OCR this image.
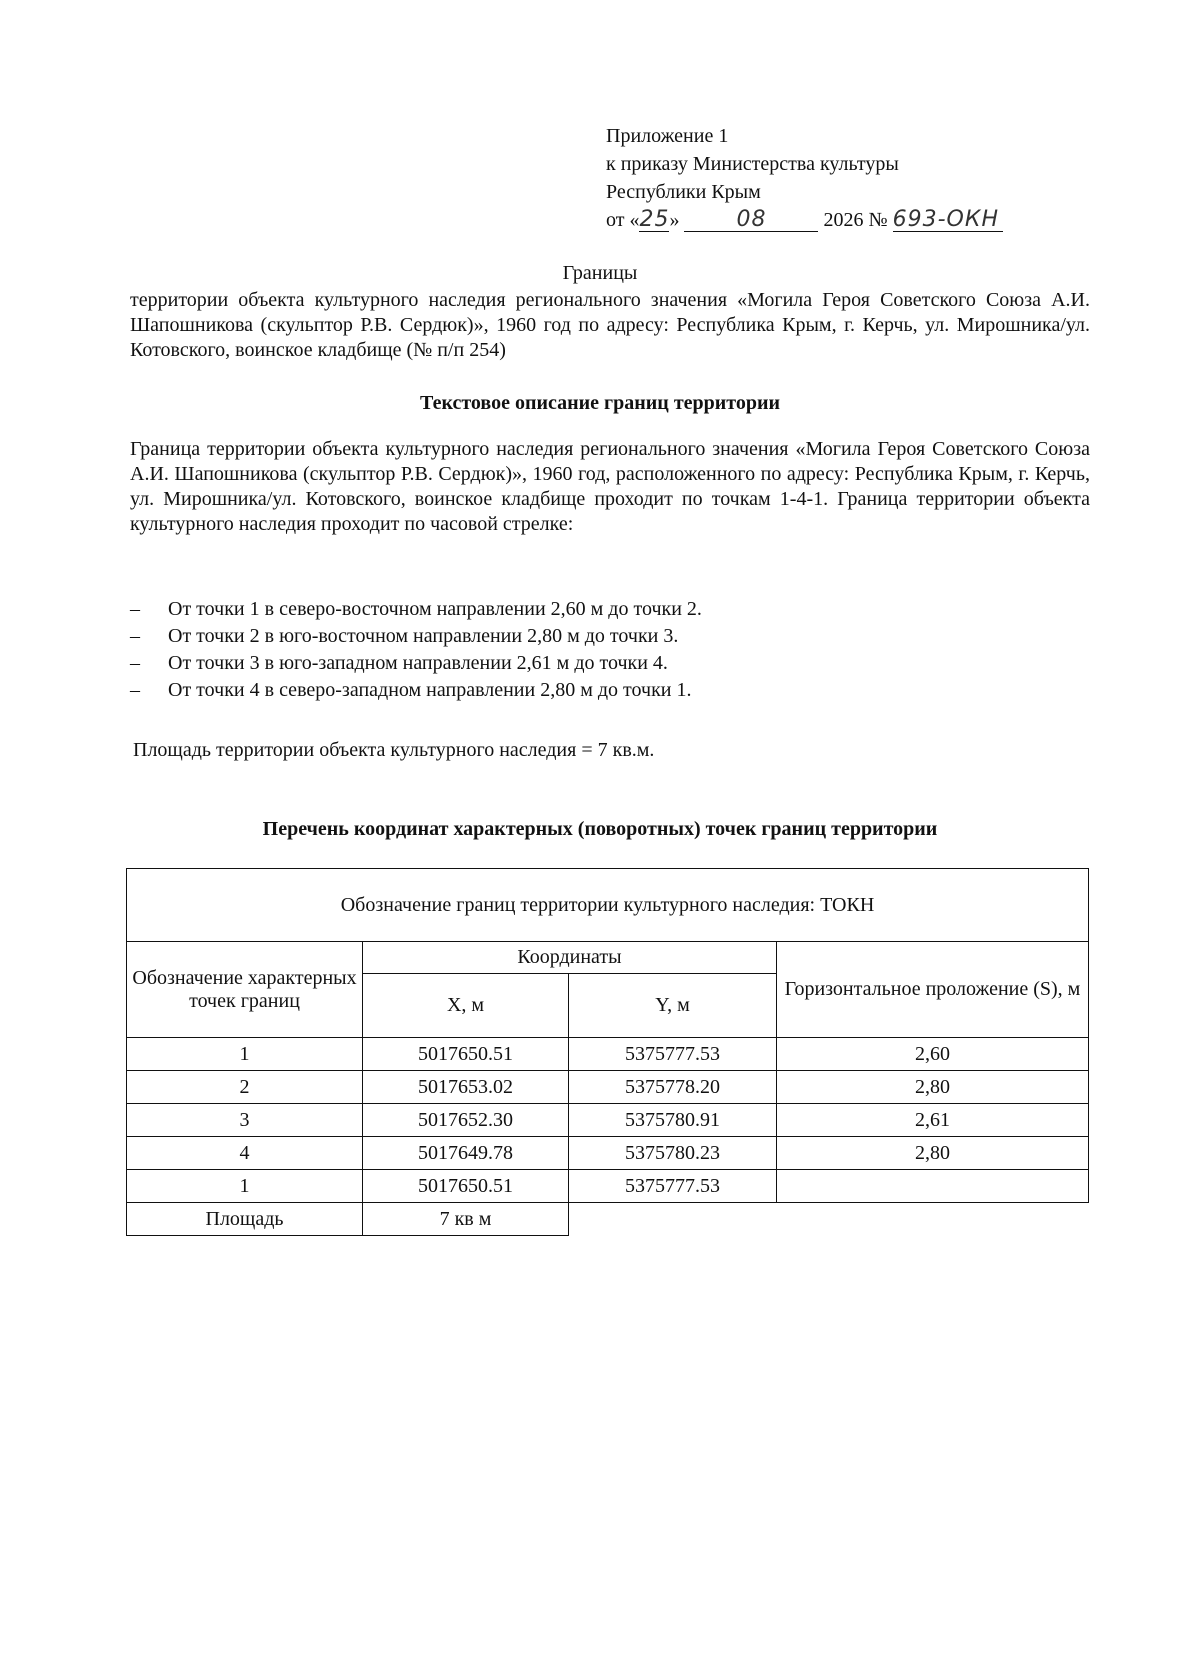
Приложение 1
к приказу Министерства культуры
Республики Крым
от «25»	08	2026 № 693-ОКН
Границы
территории объекта культурного наследия регионального значения «Могила Героя Советского Союза А.И. Шапошникова (скульптор Р.В. Сердюк)», 1960 год по адресу: Республика Крым, г. Керчь, ул. Мирошника/ул. Котовского, воинское кладбище (№ п/п 254)
Текстовое описание границ территории
Граница территории объекта культурного наследия регионального значения «Могила Героя Советского Союза А.И. Шапошникова (скульптор Р.В. Сердюк)», 1960 год, расположенного по адресу: Республика Крым, г. Керчь, ул. Мирошника/ул. Котовского, воинское кладбище проходит по точкам 1-4-1. Граница территории объекта культурного наследия проходит по часовой стрелке:
– От точки 1 в северо-восточном направлении 2,60 м до точки 2.
– От точки 2 в юго-восточном направлении 2,80 м до точки 3.
– От точки 3 в юго-западном направлении 2,61 м до точки 4.
– От точки 4 в северо-западном направлении 2,80 м до точки 1.
Площадь территории объекта культурного наследия = 7 кв.м.
Перечень координат характерных (поворотных) точек границ территории
Обозначение границ территории культурного наследия: ТОКН			
Обозначение характерных точек границ	Координаты		Горизонтальное проложение (S), м
	X, м	Y, м	
1	5017650.51	5375777.53	2,60
2	5017653.02	5375778.20	2,80
3	5017652.30	5375780.91	2,61
4	5017649.78	5375780.23	2,80
1	5017650.51	5375777.53	
Площадь	7 кв м		
